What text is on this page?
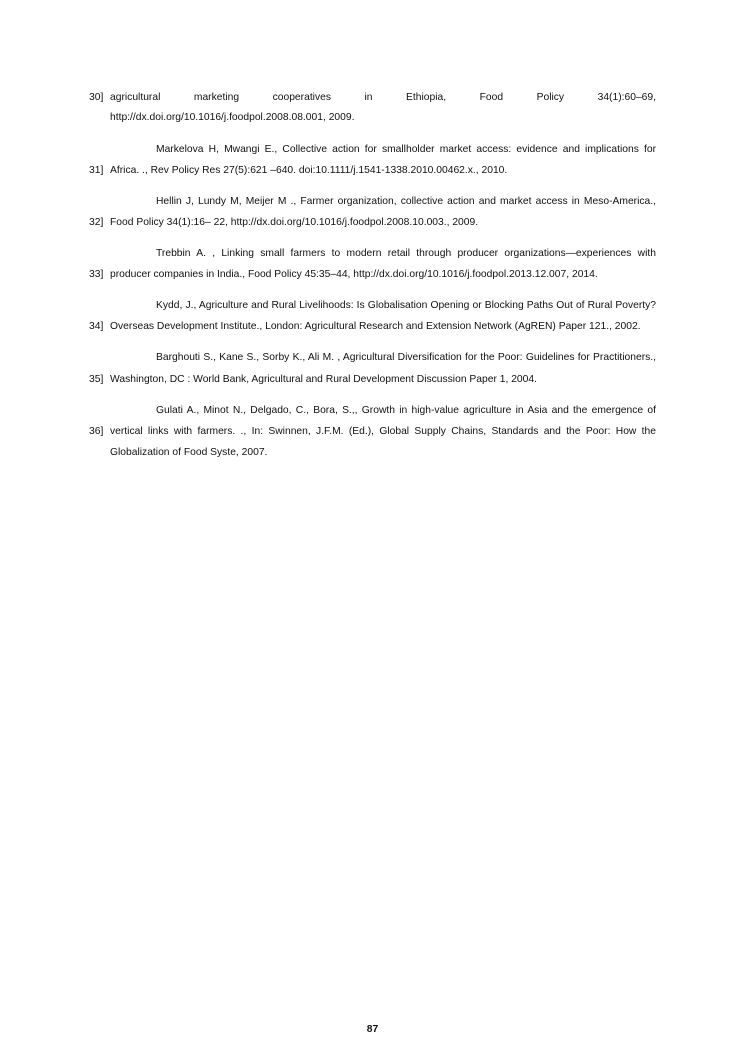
30] agricultural marketing cooperatives in Ethiopia, Food Policy 34(1):60–69,
http://dx.doi.org/10.1016/j.foodpol.2008.08.001, 2009.
Markelova H, Mwangi E., Collective action for smallholder market access: evidence and implications for
31] Africa. ., Rev Policy Res 27(5):621 –640. doi:10.1111/j.1541-1338.2010.00462.x., 2010.
Hellin J, Lundy M, Meijer M ., Farmer organization, collective action and market access in Meso-America.,
32] Food Policy 34(1):16– 22, http://dx.doi.org/10.1016/j.foodpol.2008.10.003., 2009.
Trebbin A. , Linking small farmers to modern retail through producer organizations—experiences with
33] producer companies in India., Food Policy 45:35–44, http://dx.doi.org/10.1016/j.foodpol.2013.12.007, 2014.
Kydd, J., Agriculture and Rural Livelihoods: Is Globalisation Opening or Blocking Paths Out of Rural Poverty?
34] Overseas Development Institute., London: Agricultural Research and Extension Network (AgREN) Paper 121., 2002.
Barghouti S., Kane S., Sorby K., Ali M. , Agricultural Diversification for the Poor: Guidelines for Practitioners.,
35] Washington, DC : World Bank, Agricultural and Rural Development Discussion Paper 1, 2004.
Gulati A., Minot N., Delgado, C., Bora, S.,, Growth in high-value agriculture in Asia and the emergence of
36] vertical links with farmers. ., In: Swinnen, J.F.M. (Ed.), Global Supply Chains, Standards and the Poor: How the
Globalization of Food Syste, 2007.
87
